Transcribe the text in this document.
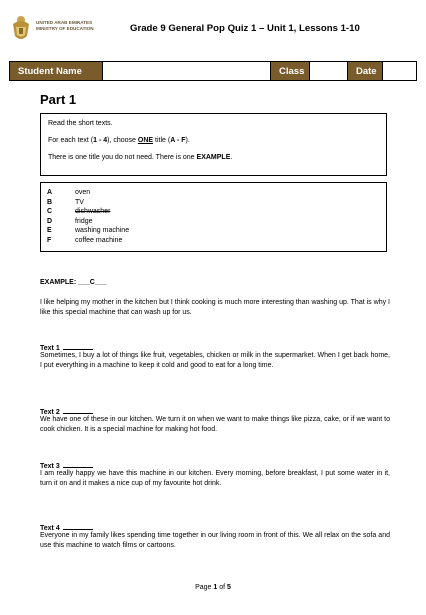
UNITED ARAB EMIRATES
MINISTRY OF EDUCATION	Grade 9 General Pop Quiz 1 – Unit 1, Lessons 1-10
Student Name	Class	Date
Part 1

Read the short texts.

For each text (1 - 4), choose ONE title (A - F).

There is one title you do not need. There is one EXAMPLE.

A	oven
B	TV
C	dishwasher
D	fridge
E	washing machine
F	coffee machine
EXAMPLE: ___C___
I like helping my mother in the kitchen but I think cooking is much more interesting than washing up. That is why I like this special machine that can wash up for us.
Text 1
Sometimes, I buy a lot of things like fruit, vegetables, chicken or milk in the supermarket. When I get back home, I put everything in a machine to keep it cold and good to eat for a long time.
Text 2
We have one of these in our kitchen. We turn it on when we want to make things like pizza, cake, or if we want to cook chicken. It is a special machine for making hot food.
Text 3
I am really happy we have this machine in our kitchen. Every morning, before breakfast, I put some water in it, turn it on and it makes a nice cup of my favourite hot drink.
Text 4
Everyone in my family likes spending time together in our living room in front of this. We all relax on the sofa and use this machine to watch films or cartoons.
Page 1 of 5
